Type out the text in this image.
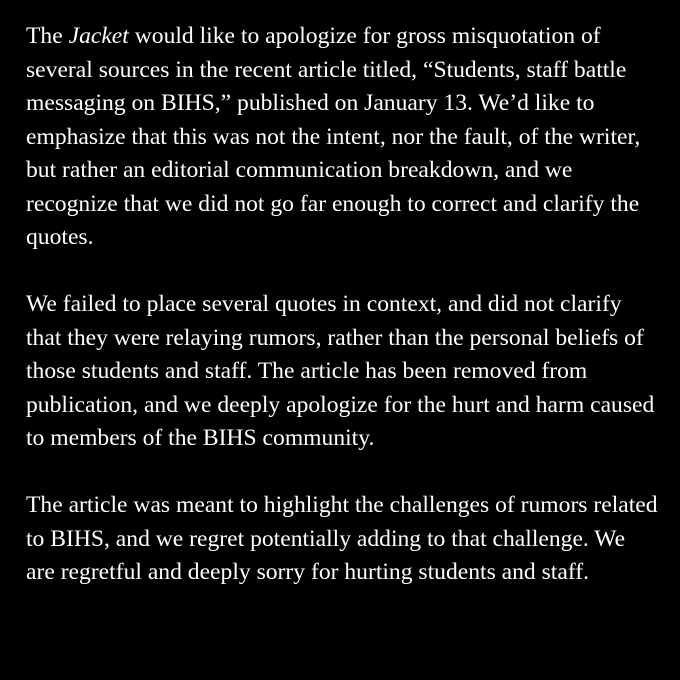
The Jacket would like to apologize for gross misquotation of several sources in the recent article titled, “Students, staff battle messaging on BIHS,” published on January 13. We’d like to emphasize that this was not the intent, nor the fault, of the writer, but rather an editorial communication breakdown, and we recognize that we did not go far enough to correct and clarify the quotes.

We failed to place several quotes in context, and did not clarify that they were relaying rumors, rather than the personal beliefs of those students and staff. The article has been removed from publication, and we deeply apologize for the hurt and harm caused to members of the BIHS community.

The article was meant to highlight the challenges of rumors related to BIHS, and we regret potentially adding to that challenge. We are regretful and deeply sorry for hurting students and staff.
